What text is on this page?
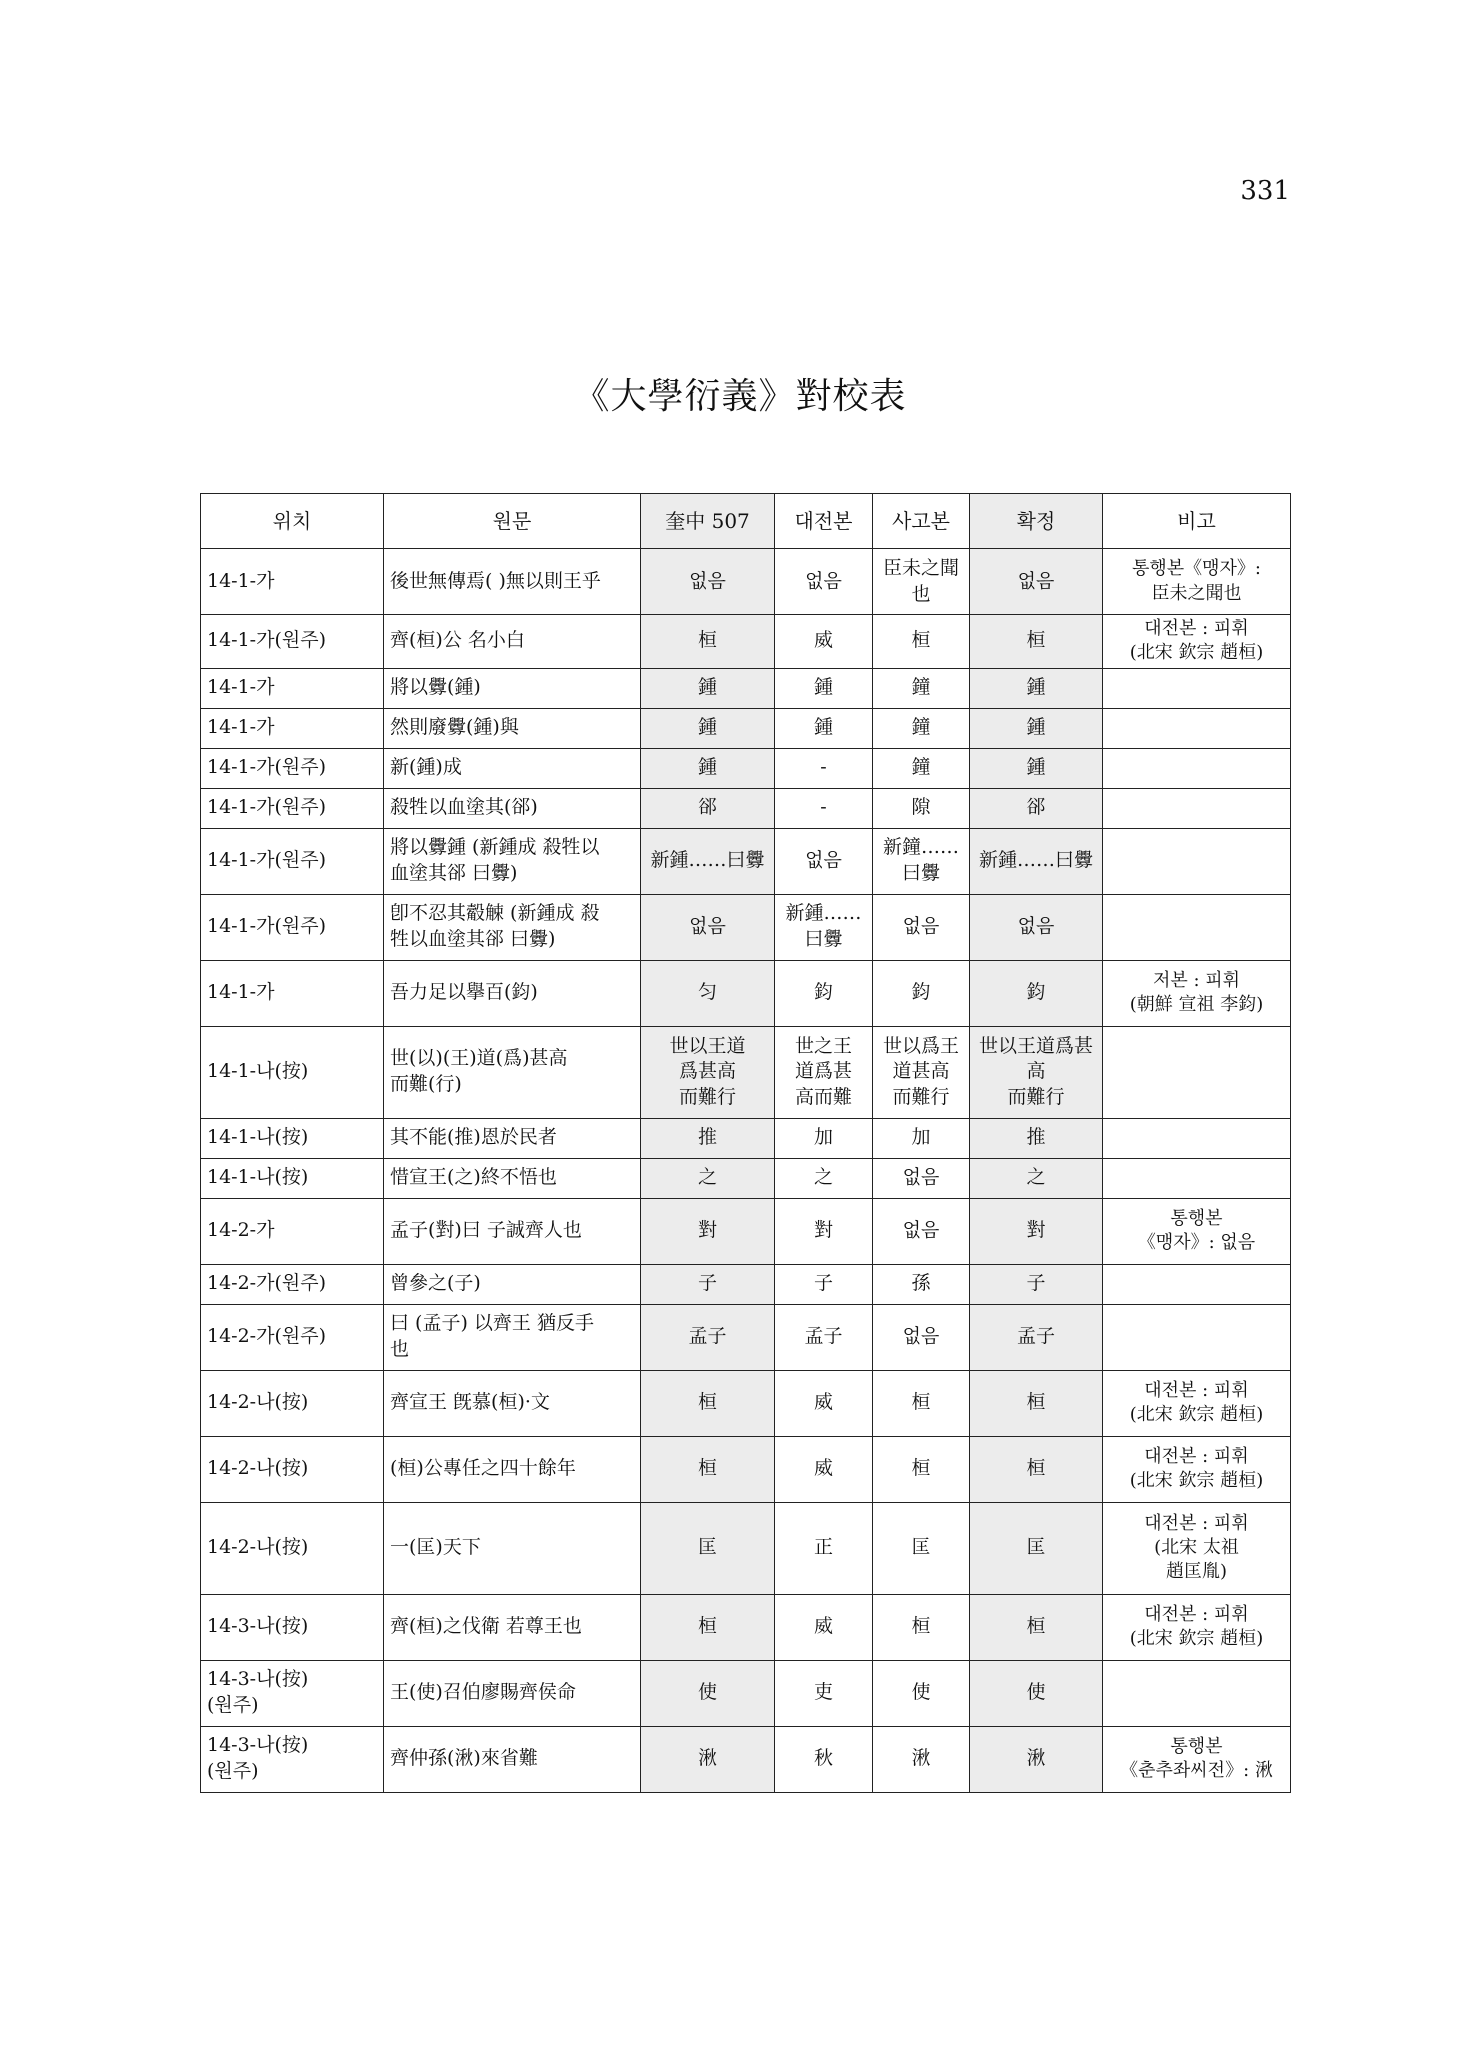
331
《大學衍義》對校表
위치	원문	奎中 507	대전본	사고본	확정	비고
14-1-가	後世無傳焉( )無以則王乎	없음	없음	臣未之聞
也	없음	통행본《맹자》:
臣未之聞也
14-1-가(원주)	齊(桓)公 名小白	桓	威	桓	桓	대전본 : 피휘
(北宋 欽宗 趙桓)
14-1-가	將以釁(鍾)	鍾	鍾	鐘	鍾	
14-1-가	然則廢釁(鍾)與	鍾	鍾	鐘	鍾	
14-1-가(원주)	新(鍾)成	鍾	-	鐘	鍾	
14-1-가(원주)	殺牲以血塗其(郤)	郤	-	隙	郤	
14-1-가(원주)	將以釁鍾 (新鍾成 殺牲以
血塗其郤 曰釁)	新鍾……曰釁	없음	新鐘……
曰釁	新鍾……曰釁	
14-1-가(원주)	卽不忍其觳觫 (新鍾成 殺
牲以血塗其郤 曰釁)	없음	新鍾……
曰釁	없음	없음	
14-1-가	吾力足以擧百(鈞)	匀	鈞	鈞	鈞	저본 : 피휘
(朝鮮 宣祖 李鈞)
14-1-나(按)	世(以)(王)道(爲)甚高
而難(行)	世以王道
爲甚高
而難行	世之王
道爲甚
高而難	世以爲王
道甚高
而難行	世以王道爲甚
高
而難行	
14-1-나(按)	其不能(推)恩於民者	推	加	加	推	
14-1-나(按)	惜宣王(之)終不悟也	之	之	없음	之	
14-2-가	孟子(對)曰 子誠齊人也	對	對	없음	對	통행본
《맹자》: 없음
14-2-가(원주)	曾參之(子)	子	子	孫	子	
14-2-가(원주)	曰 (孟子) 以齊王 猶反手
也	孟子	孟子	없음	孟子	
14-2-나(按)	齊宣王 旣慕(桓)·文	桓	威	桓	桓	대전본 : 피휘
(北宋 欽宗 趙桓)
14-2-나(按)	(桓)公專任之四十餘年	桓	威	桓	桓	대전본 : 피휘
(北宋 欽宗 趙桓)
14-2-나(按)	一(匡)天下	匡	正	匡	匡	대전본 : 피휘
(北宋 太祖
趙匡胤)
14-3-나(按)	齊(桓)之伐衛 若尊王也	桓	威	桓	桓	대전본 : 피휘
(北宋 欽宗 趙桓)
14-3-나(按)
(원주)	王(使)召伯廖賜齊侯命	使	吏	使	使	
14-3-나(按)
(원주)	齊仲孫(湫)來省難	湫	秋	湫	湫	통행본
《춘추좌씨전》: 湫
